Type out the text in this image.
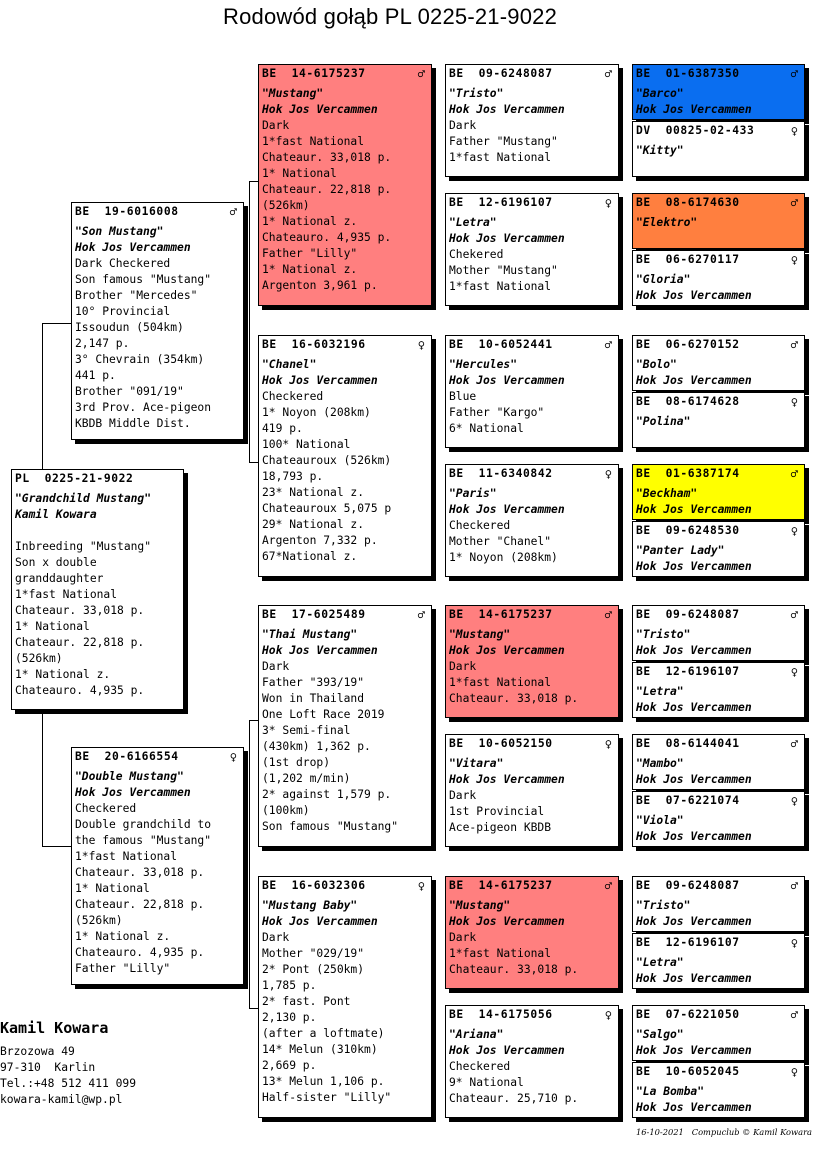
Rodowód gołąb PL 0225-21-9022
PL  0225-21-9022
"Grandchild Mustang"
Kamil Kowara
Inbreeding "Mustang"
Son x double
granddaughter
1*fast National
Chateaur. 33,018 p.
1* National
Chateaur. 22,818 p.
(526km)
1* National z.
Chateauro. 4,935 p.
BE  19-6016008	♂
"Son Mustang"
Hok Jos Vercammen
Dark Checkered
Son famous "Mustang"
Brother "Mercedes"
10° Provincial
Issoudun (504km)
2,147 p.
3° Chevrain (354km)
441 p.
Brother "091/19"
3rd Prov. Ace-pigeon
KBDB Middle Dist.
BE  20-6166554	♀
"Double Mustang"
Hok Jos Vercammen
Checkered
Double grandchild to
the famous "Mustang"
1*fast National
Chateaur. 33,018 p.
1* National
Chateaur. 22,818 p.
(526km)
1* National z.
Chateauro. 4,935 p.
Father "Lilly"
BE  14-6175237	♂
"Mustang"
Hok Jos Vercammen
Dark
1*fast National
Chateaur. 33,018 p.
1* National
Chateaur. 22,818 p.
(526km)
1* National z.
Chateauro. 4,935 p.
Father "Lilly"
1* National z.
Argenton 3,961 p.
BE  16-6032196	♀
"Chanel"
Hok Jos Vercammen
Checkered
1* Noyon (208km)
419 p.
100* National
Chateauroux (526km)
18,793 p.
23* National z.
Chateauroux 5,075 p
29* National z.
Argenton 7,332 p.
67*National z.
BE  17-6025489	♂
"Thai Mustang"
Hok Jos Vercammen
Dark
Father "393/19"
Won in Thailand
One Loft Race 2019
3* Semi-final
(430km) 1,362 p.
(1st drop)
(1,202 m/min)
2* against 1,579 p.
(100km)
Son famous "Mustang"
BE  16-6032306	♀
"Mustang Baby"
Hok Jos Vercammen
Dark
Mother "029/19"
2* Pont (250km)
1,785 p.
2* fast. Pont
2,130 p.
(after a loftmate)
14* Melun (310km)
2,669 p.
13* Melun 1,106 p.
Half-sister "Lilly"
BE  09-6248087	♂
"Tristo"
Hok Jos Vercammen
Dark
Father "Mustang"
1*fast National
BE  12-6196107	♀
"Letra"
Hok Jos Vercammen
Chekered
Mother "Mustang"
1*fast National
BE  10-6052441	♂
"Hercules"
Hok Jos Vercammen
Blue
Father "Kargo"
6* National
BE  11-6340842	♀
"Paris"
Hok Jos Vercammen
Checkered
Mother "Chanel"
1* Noyon (208km)
BE  14-6175237	♂
"Mustang"
Hok Jos Vercammen
Dark
1*fast National
Chateaur. 33,018 p.
BE  10-6052150	♀
"Vitara"
Hok Jos Vercammen
Dark
1st Provincial
Ace-pigeon KBDB
BE  14-6175237	♂
"Mustang"
Hok Jos Vercammen
Dark
1*fast National
Chateaur. 33,018 p.
BE  14-6175056	♀
"Ariana"
Hok Jos Vercammen
Checkered
9* National
Chateaur. 25,710 p.
BE  01-6387350	♂
"Barco"
Hok Jos Vercammen
DV  00825-02-433	♀
"Kitty"
BE  08-6174630	♂
"Elektro"
BE  06-6270117	♀
"Gloria"
Hok Jos Vercammen
BE  06-6270152	♂
"Bolo"
Hok Jos Vercammen
BE  08-6174628	♀
"Polina"
BE  01-6387174	♂
"Beckham"
Hok Jos Vercammen
BE  09-6248530	♀
"Panter Lady"
Hok Jos Vercammen
BE  09-6248087	♂
"Tristo"
Hok Jos Vercammen
BE  12-6196107	♀
"Letra"
Hok Jos Vercammen
BE  08-6144041	♂
"Mambo"
Hok Jos Vercammen
BE  07-6221074	♀
"Viola"
Hok Jos Vercammen
BE  09-6248087	♂
"Tristo"
Hok Jos Vercammen
BE  12-6196107	♀
"Letra"
Hok Jos Vercammen
BE  07-6221050	♂
"Salgo"
Hok Jos Vercammen
BE  10-6052045	♀
"La Bomba"
Hok Jos Vercammen
Kamil Kowara
Brzozowa 49
97-310  Karlin
Tel.:+48 512 411 099
kowara-kamil@wp.pl
16-10-2021   Compuclub © Kamil Kowara
